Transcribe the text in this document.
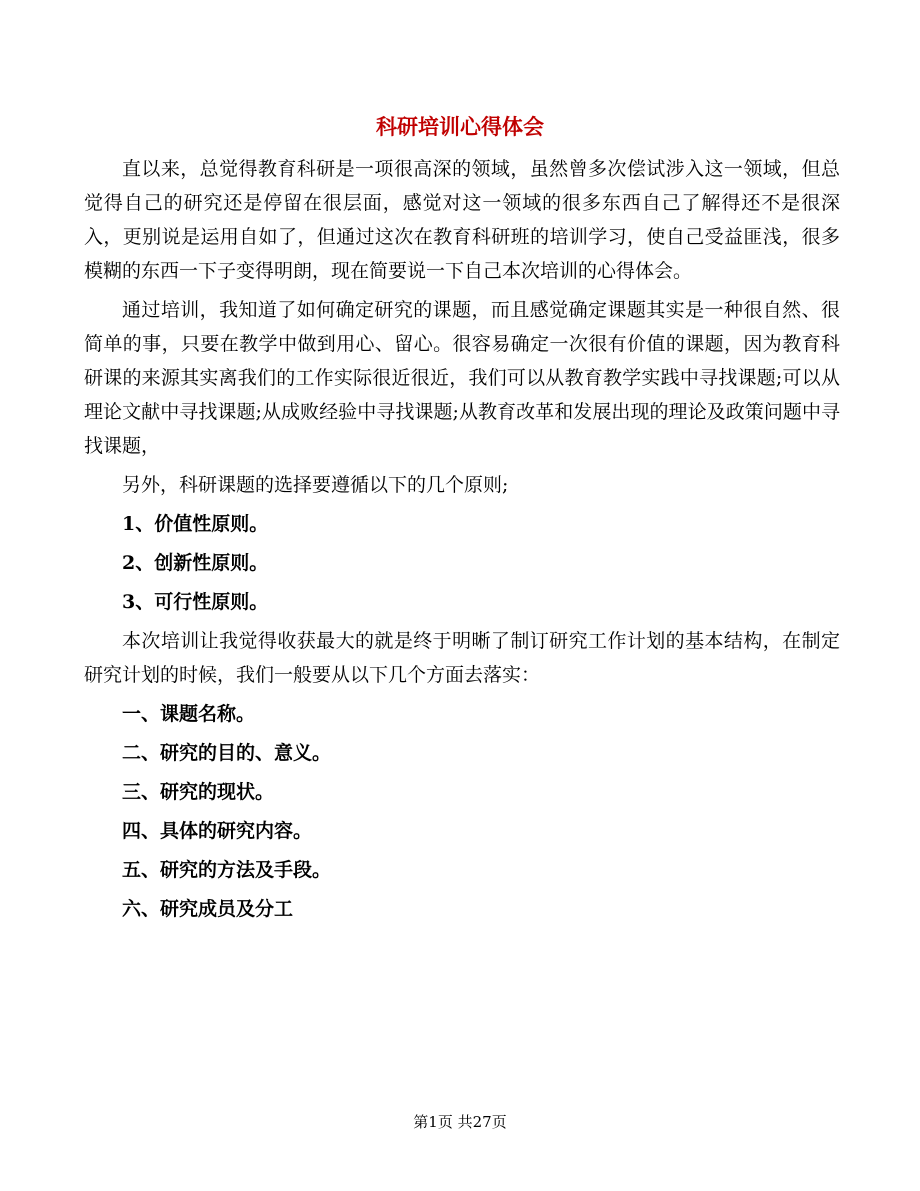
科研培训心得体会

直以来，总觉得教育科研是一项很高深的领域，虽然曾多次偿试涉入这一领域，但总觉得自己的研究还是停留在很层面，感觉对这一领域的很多东西自己了解得还不是很深入，更别说是运用自如了，但通过这次在教育科研班的培训学习，使自己受益匪浅，很多模糊的东西一下子变得明朗，现在简要说一下自己本次培训的心得体会。

通过培训，我知道了如何确定研究的课题，而且感觉确定课题其实是一种很自然、很简单的事，只要在教学中做到用心、留心。很容易确定一次很有价值的课题，因为教育科研课的来源其实离我们的工作实际很近很近，我们可以从教育教学实践中寻找课题;可以从理论文献中寻找课题;从成败经验中寻找课题;从教育改革和发展出现的理论及政策问题中寻找课题，

另外，科研课题的选择要遵循以下的几个原则;

1、价值性原则。
2、创新性原则。
3、可行性原则。

本次培训让我觉得收获最大的就是终于明晰了制订研究工作计划的基本结构，在制定研究计划的时候，我们一般要从以下几个方面去落实：

一、课题名称。
二、研究的目的、意义。
三、研究的现状。
四、具体的研究内容。
五、研究的方法及手段。
六、研究成员及分工
第1页 共27页
